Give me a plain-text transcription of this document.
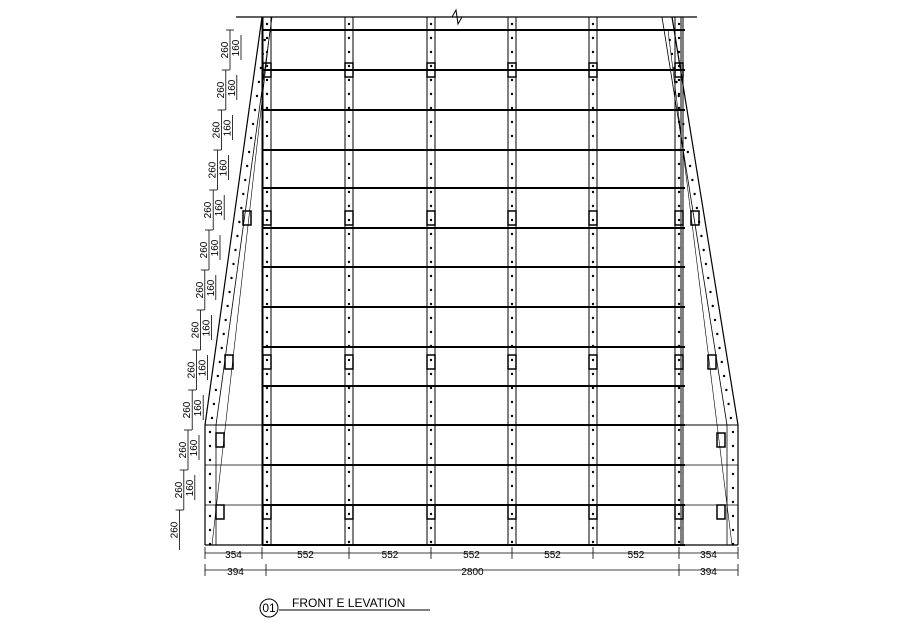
260 160
260 160
260 160
260 160
260 160
260 160
260 160
260 160
260 160
260 160
260 160
260 160
260
354	552	552	552	552	552	354
394	2800	394
01 FRONT E LEVATION
